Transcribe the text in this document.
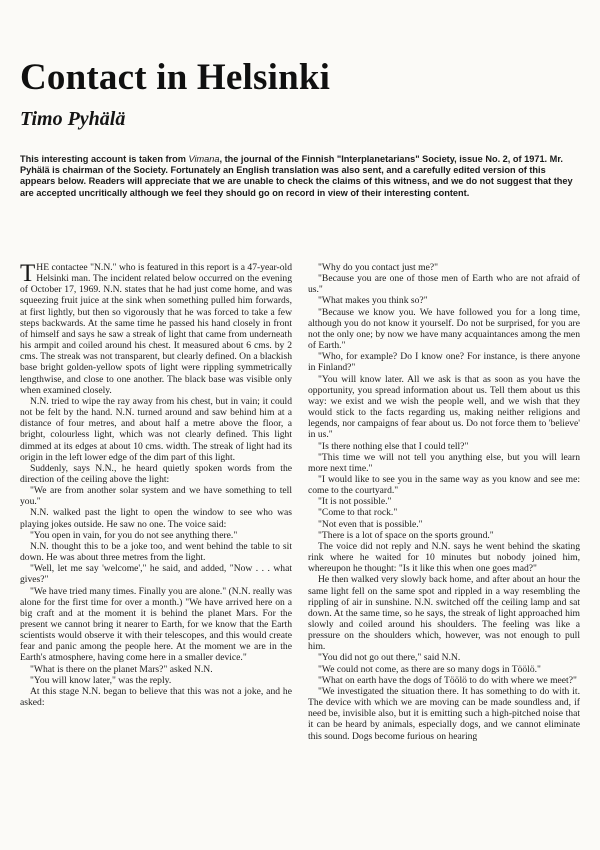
Contact in Helsinki
Timo Pyhälä

This interesting account is taken from Vimana, the journal of the Finnish "Interplanetarians" Society, issue No. 2, of 1971. Mr. Pyhälä is chairman of the Society. Fortunately an English translation was also sent, and a carefully edited version of this appears below. Readers will appreciate that we are unable to check the claims of this witness, and we do not suggest that they are accepted uncritically although we feel they should go on record in view of their interesting content.

THE contactee "N.N." who is featured in this report is a 47-year-old Helsinki man. The incident related below occurred on the evening of October 17, 1969. N.N. states that he had just come home, and was squeezing fruit juice at the sink when something pulled him forwards, at first lightly, but then so vigorously that he was forced to take a few steps backwards. At the same time he passed his hand closely in front of himself and says he saw a streak of light that came from underneath his armpit and coiled around his chest. It measured about 6 cms. by 2 cms. The streak was not transparent, but clearly defined. On a blackish base bright golden-yellow spots of light were rippling symmetrically lengthwise, and close to one another. The black base was visible only when examined closely.

N.N. tried to wipe the ray away from his chest, but in vain; it could not be felt by the hand. N.N. turned around and saw behind him at a distance of four metres, and about half a metre above the floor, a bright, colourless light, which was not clearly defined. This light dimmed at its edges at about 10 cms. width. The streak of light had its origin in the left lower edge of the dim part of this light.

Suddenly, says N.N., he heard quietly spoken words from the direction of the ceiling above the light:

"We are from another solar system and we have something to tell you."

N.N. walked past the light to open the window to see who was playing jokes outside. He saw no one. The voice said:

"You open in vain, for you do not see anything there."

N.N. thought this to be a joke too, and went behind the table to sit down. He was about three metres from the light.

"Well, let me say 'welcome'," he said, and added, "Now . . . what gives?"

"We have tried many times. Finally you are alone." (N.N. really was alone for the first time for over a month.) "We have arrived here on a big craft and at the moment it is behind the planet Mars. For the present we cannot bring it nearer to Earth, for we know that the Earth scientists would observe it with their telescopes, and this would create fear and panic among the people here. At the moment we are in the Earth's atmosphere, having come here in a smaller device."

"What is there on the planet Mars?" asked N.N.

"You will know later," was the reply.

At this stage N.N. began to believe that this was not a joke, and he asked:

"Why do you contact just me?"

"Because you are one of those men of Earth who are not afraid of us."

"What makes you think so?"

"Because we know you. We have followed you for a long time, although you do not know it yourself. Do not be surprised, for you are not the only one; by now we have many acquaintances among the men of Earth."

"Who, for example? Do I know one? For instance, is there anyone in Finland?"

"You will know later. All we ask is that as soon as you have the opportunity, you spread information about us. Tell them about us this way: we exist and we wish the people well, and we wish that they would stick to the facts regarding us, making neither religions and legends, nor campaigns of fear about us. Do not force them to 'believe' in us."

"Is there nothing else that I could tell?"

"This time we will not tell you anything else, but you will learn more next time."

"I would like to see you in the same way as you know and see me: come to the courtyard."

"It is not possible."

"Come to that rock."

"Not even that is possible."

"There is a lot of space on the sports ground."

The voice did not reply and N.N. says he went behind the skating rink where he waited for 10 minutes but nobody joined him, whereupon he thought: "Is it like this when one goes mad?"

He then walked very slowly back home, and after about an hour the same light fell on the same spot and rippled in a way resembling the rippling of air in sunshine. N.N. switched off the ceiling lamp and sat down. At the same time, so he says, the streak of light approached him slowly and coiled around his shoulders. The feeling was like a pressure on the shoulders which, however, was not enough to pull him.

"You did not go out there," said N.N.

"We could not come, as there are so many dogs in Töölö."

"What on earth have the dogs of Töölö to do with where we meet?"

"We investigated the situation there. It has something to do with it. The device with which we are moving can be made soundless and, if need be, invisible also, but it is emitting such a high-pitched noise that it can be heard by animals, especially dogs, and we cannot eliminate this sound. Dogs become furious on hearing
